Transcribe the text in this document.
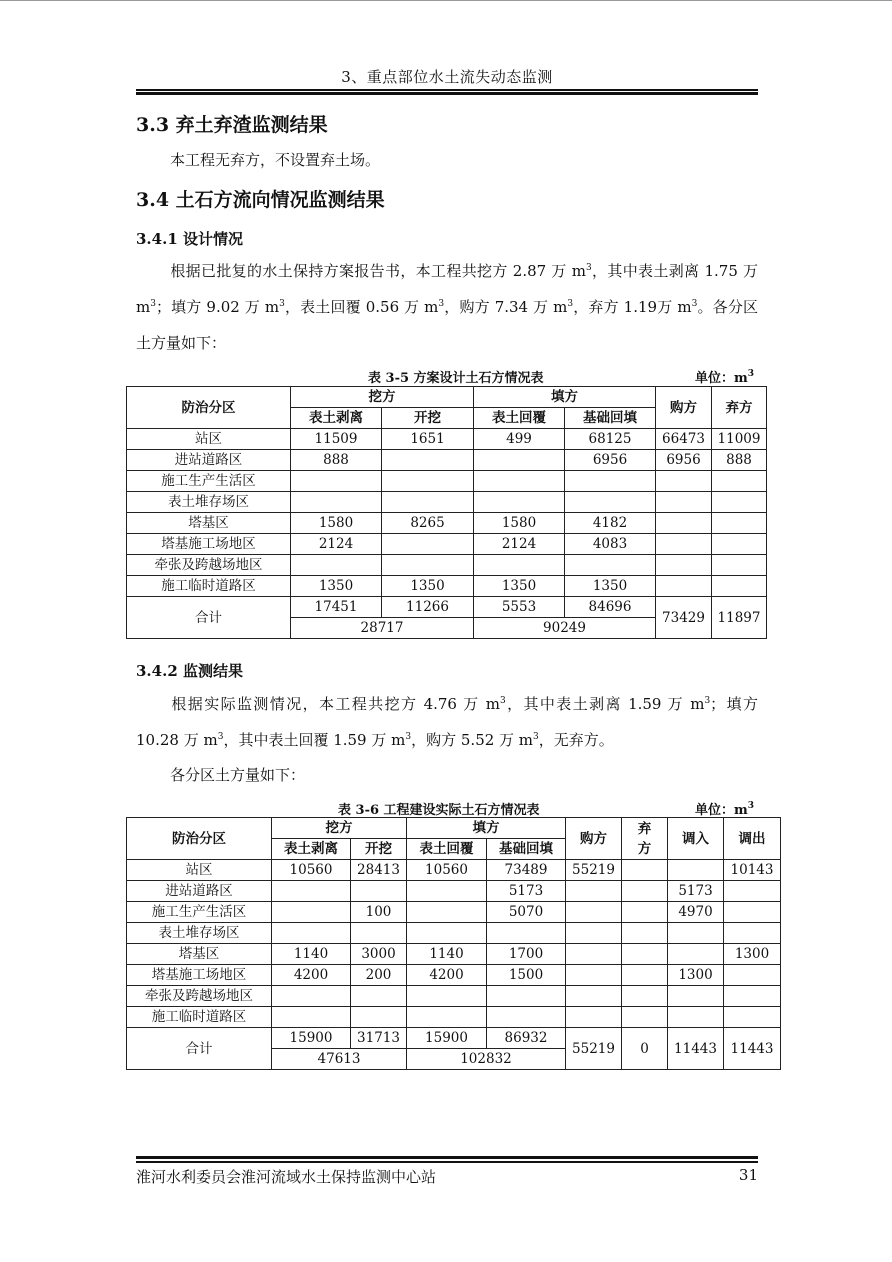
3、重点部位水土流失动态监测
3.3 弃土弃渣监测结果
本工程无弃方，不设置弃土场。
3.4 土石方流向情况监测结果
3.4.1 设计情况
根据已批复的水土保持方案报告书，本工程共挖方 2.87 万 $m^3$，其中表土剥离 1.75 万 $m^3$；填方 9.02 万 $m^3$，表土回覆 0.56 万 $m^3$，购方 7.34 万 $m^3$，弃方 1.19万 $m^3$。各分区土方量如下：
表 3-5 方案设计土石方情况表	单位：$m^3$
防治分区	挖方		填方		购方	弃方
	表土剥离	开挖	表土回覆	基础回填		
站区	11509	1651	499	68125	66473	11009
进站道路区	888			6956	6956	888
施工生产生活区						
表土堆存场区						
塔基区	1580	8265	1580	4182		
塔基施工场地区	2124		2124	4083		
牵张及跨越场地区						
施工临时道路区	1350	1350	1350	1350		
合计	17451	11266	5553	84696	73429	11897
	28717		90249			
3.4.2 监测结果
根据实际监测情况，本工程共挖方 4.76 万 $m^3$，其中表土剥离 1.59 万 $m^3$；填方 10.28 万 $m^3$，其中表土回覆 1.59 万 $m^3$，购方 5.52 万 $m^3$，无弃方。
各分区土方量如下：
表 3-6 工程建设实际土石方情况表	单位：$m^3$
防治分区	挖方		填方		购方	弃方	调入	调出
	表土剥离	开挖	表土回覆	基础回填				
站区	10560	28413	10560	73489	55219			10143
进站道路区				5173			5173	
施工生产生活区		100		5070			4970	
表土堆存场区								
塔基区	1140	3000	1140	1700				1300
塔基施工场地区	4200	200	4200	1500			1300	
牵张及跨越场地区								
施工临时道路区								
合计	15900	31713	15900	86932	55219	0	11443	11443
	47613		102832					
淮河水利委员会淮河流域水土保持监测中心站	31
